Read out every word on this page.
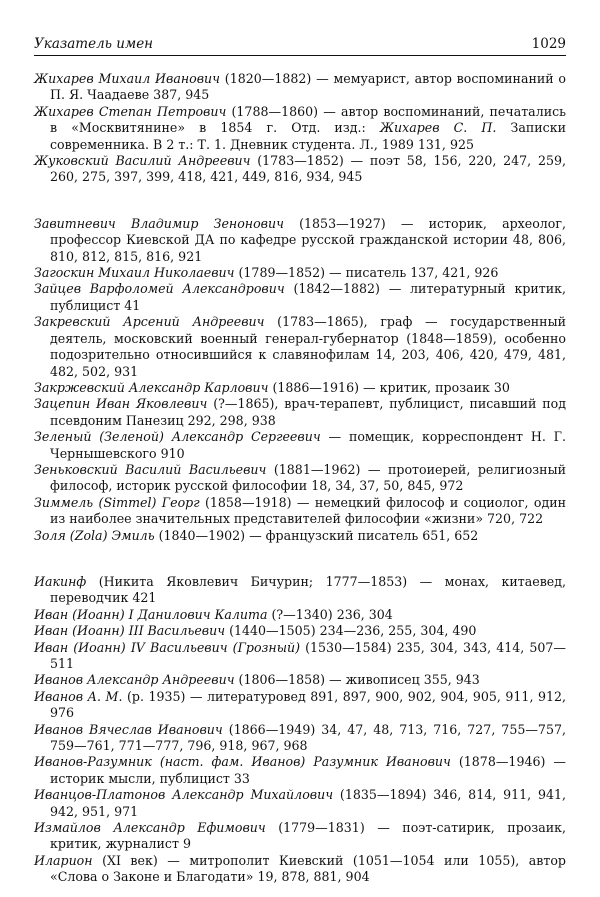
Указатель имен	1029
Жихарев Михаил Иванович (1820—1882) — мемуарист, автор воспоминаний о П. Я. Чаадаеве 387, 945
Жихарев Степан Петрович (1788—1860) — автор воспоминаний, печатались в «Москвитянине» в 1854 г. Отд. изд.: Жихарев С. П. Записки современника. В 2 т.: Т. 1. Дневник студента. Л., 1989 131, 925
Жуковский Василий Андреевич (1783—1852) — поэт 58, 156, 220, 247, 259, 260, 275, 397, 399, 418, 421, 449, 816, 934, 945
Завитневич Владимир Зенонович (1853—1927) — историк, археолог, профессор Киевской ДА по кафедре русской гражданской истории 48, 806, 810, 812, 815, 816, 921
Загоскин Михаил Николаевич (1789—1852) — писатель 137, 421, 926
Зайцев Варфоломей Александрович (1842—1882) — литературный критик, публицист 41
Закревский Арсений Андреевич (1783—1865), граф — государственный деятель, московский военный генерал-губернатор (1848—1859), особенно подозрительно относившийся к славянофилам 14, 203, 406, 420, 479, 481, 482, 502, 931
Закржевский Александр Карлович (1886—1916) — критик, прозаик 30
Зацепин Иван Яковлевич (?—1865), врач-терапевт, публицист, писавший под псевдоним Панезиц 292, 298, 938
Зеленый (Зеленой) Александр Сергеевич — помещик, корреспондент Н. Г. Чернышевского 910
Зеньковский Василий Васильевич (1881—1962) — протоиерей, религиозный философ, историк русской философии 18, 34, 37, 50, 845, 972
Зиммель (Simmel) Георг (1858—1918) — немецкий философ и социолог, один из наиболее значительных представителей философии «жизни» 720, 722
Золя (Zola) Эмиль (1840—1902) — французский писатель 651, 652
Иакинф (Никита Яковлевич Бичурин; 1777—1853) — монах, китаевед, переводчик 421
Иван (Иоанн) I Данилович Калита (?—1340) 236, 304
Иван (Иоанн) III Васильевич (1440—1505) 234—236, 255, 304, 490
Иван (Иоанн) IV Васильевич (Грозный) (1530—1584) 235, 304, 343, 414, 507—511
Иванов Александр Андреевич (1806—1858) — живописец 355, 943
Иванов А. М. (р. 1935) — литературовед 891, 897, 900, 902, 904, 905, 911, 912, 976
Иванов Вячеслав Иванович (1866—1949) 34, 47, 48, 713, 716, 727, 755—757, 759—761, 771—777, 796, 918, 967, 968
Иванов-Разумник (наст. фам. Иванов) Разумник Иванович (1878—1946) — историк мысли, публицист 33
Иванцов-Платонов Александр Михайлович (1835—1894) 346, 814, 911, 941, 942, 951, 971
Измайлов Александр Ефимович (1779—1831) — поэт-сатирик, прозаик, критик, журналист 9
Иларион (XI век) — митрополит Киевский (1051—1054 или 1055), автор «Слова о Законе и Благодати» 19, 878, 881, 904
